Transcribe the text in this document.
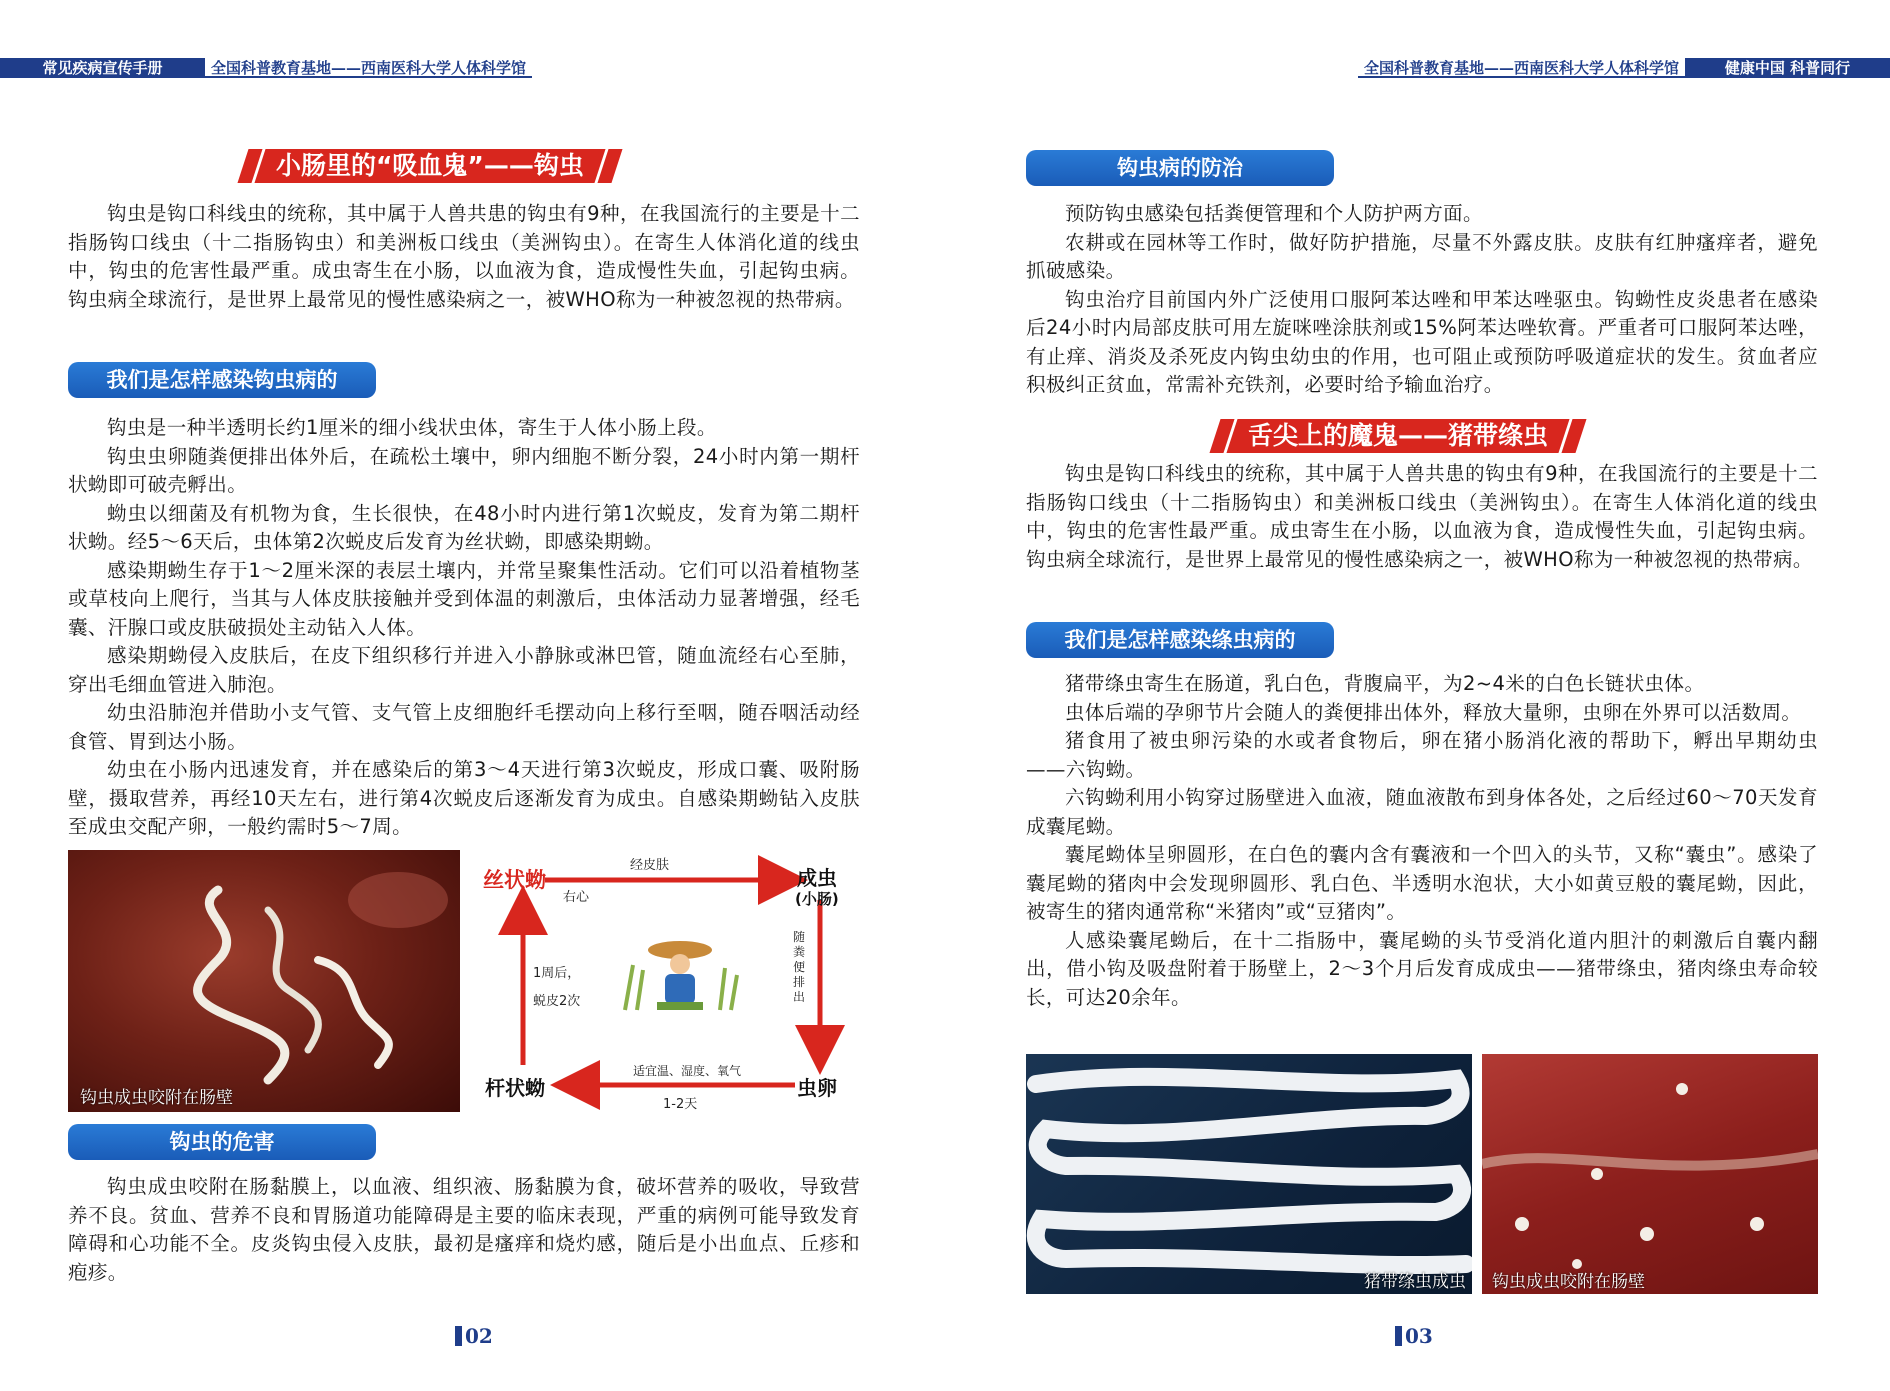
常见疾病宣传手册	全国科普教育基地——西南医科大学人体科学馆
小肠里的“吸血鬼”——钩虫

钩虫是钩口科线虫的统称，其中属于人兽共患的钩虫有9种，在我国流行的主要是十二指肠钩口线虫（十二指肠钩虫）和美洲板口线虫（美洲钩虫）。在寄生人体消化道的线虫中，钩虫的危害性最严重。成虫寄生在小肠，以血液为食，造成慢性失血，引起钩虫病。钩虫病全球流行，是世界上最常见的慢性感染病之一，被WHO称为一种被忽视的热带病。

我们是怎样感染钩虫病的

钩虫是一种半透明长约1厘米的细小线状虫体，寄生于人体小肠上段。

钩虫虫卵随粪便排出体外后，在疏松土壤中，卵内细胞不断分裂，24小时内第一期杆状蚴即可破壳孵出。

蚴虫以细菌及有机物为食，生长很快，在48小时内进行第1次蜕皮，发育为第二期杆状蚴。经5～6天后，虫体第2次蜕皮后发育为丝状蚴，即感染期蚴。

感染期蚴生存于1～2厘米深的表层土壤内，并常呈聚集性活动。它们可以沿着植物茎或草枝向上爬行，当其与人体皮肤接触并受到体温的刺激后，虫体活动力显著增强，经毛囊、汗腺口或皮肤破损处主动钻入人体。

感染期蚴侵入皮肤后，在皮下组织移行并进入小静脉或淋巴管，随血流经右心至肺，穿出毛细血管进入肺泡。

幼虫沿肺泡并借助小支气管、支气管上皮细胞纤毛摆动向上移行至咽，随吞咽活动经食管、胃到达小肠。

幼虫在小肠内迅速发育，并在感染后的第3～4天进行第3次蜕皮，形成口囊、吸附肠壁，摄取营养，再经10天左右，进行第4次蜕皮后逐渐发育为成虫。自感染期蚴钻入皮肤至成虫交配产卵，一般约需时5～7周。

钩虫成虫咬附在肠壁
丝状蚴	成虫
(小肠)
经皮肤
右心
随粪便排出
虫卵
杆状蚴
适宜温、湿度、氧气
1-2天
1周后，
蜕皮2次
钩虫的危害

钩虫成虫咬附在肠黏膜上，以血液、组织液、肠黏膜为食，破坏营养的吸收，导致营养不良。贫血、营养不良和胃肠道功能障碍是主要的临床表现，严重的病例可能导致发育障碍和心功能不全。皮炎钩虫侵入皮肤，最初是瘙痒和烧灼感，随后是小出血点、丘疹和疱疹。

02
全国科普教育基地——西南医科大学人体科学馆	健康中国 科普同行
钩虫病的防治

预防钩虫感染包括粪便管理和个人防护两方面。

农耕或在园林等工作时，做好防护措施，尽量不外露皮肤。皮肤有红肿瘙痒者，避免抓破感染。

钩虫治疗目前国内外广泛使用口服阿苯达唑和甲苯达唑驱虫。钩蚴性皮炎患者在感染后24小时内局部皮肤可用左旋咪唑涂肤剂或15%阿苯达唑软膏。严重者可口服阿苯达唑，有止痒、消炎及杀死皮内钩虫幼虫的作用，也可阻止或预防呼吸道症状的发生。贫血者应积极纠正贫血，常需补充铁剂，必要时给予输血治疗。

舌尖上的魔鬼——猪带绦虫

钩虫是钩口科线虫的统称，其中属于人兽共患的钩虫有9种，在我国流行的主要是十二指肠钩口线虫（十二指肠钩虫）和美洲板口线虫（美洲钩虫）。在寄生人体消化道的线虫中，钩虫的危害性最严重。成虫寄生在小肠，以血液为食，造成慢性失血，引起钩虫病。钩虫病全球流行，是世界上最常见的慢性感染病之一，被WHO称为一种被忽视的热带病。

我们是怎样感染绦虫病的

猪带绦虫寄生在肠道，乳白色，背腹扁平，为2~4米的白色长链状虫体。

虫体后端的孕卵节片会随人的粪便排出体外，释放大量卵，虫卵在外界可以活数周。

猪食用了被虫卵污染的水或者食物后，卵在猪小肠消化液的帮助下，孵出早期幼虫——六钩蚴。

六钩蚴利用小钩穿过肠壁进入血液，随血液散布到身体各处，之后经过60～70天发育成囊尾蚴。

囊尾蚴体呈卵圆形，在白色的囊内含有囊液和一个凹入的头节，又称“囊虫”。感染了囊尾蚴的猪肉中会发现卵圆形、乳白色、半透明水泡状，大小如黄豆般的囊尾蚴，因此，被寄生的猪肉通常称“米猪肉”或“豆猪肉”。

人感染囊尾蚴后，在十二指肠中，囊尾蚴的头节受消化道内胆汁的刺激后自囊内翻出，借小钩及吸盘附着于肠壁上，2～3个月后发育成成虫——猪带绦虫，猪肉绦虫寿命较长，可达20余年。

猪带绦虫成虫 钩虫成虫咬附在肠壁
03
